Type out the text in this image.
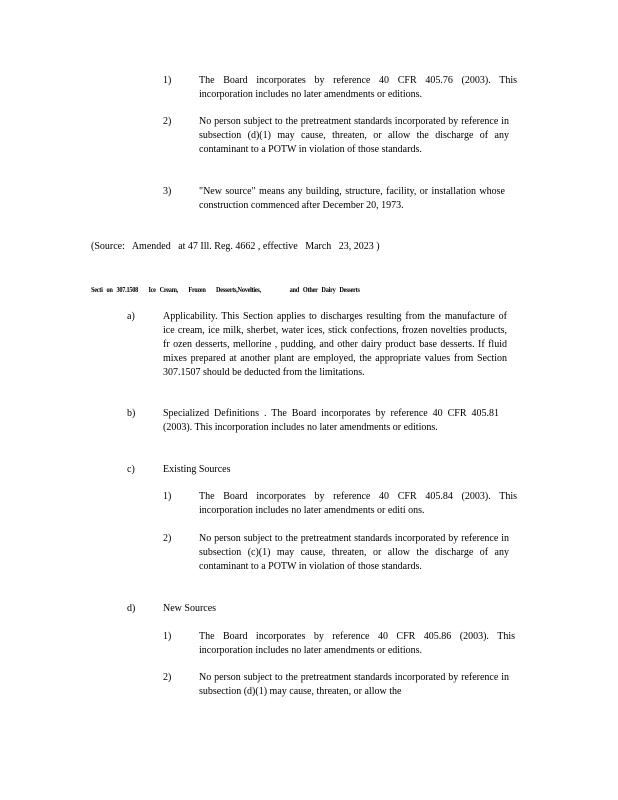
1)	The Board incorporates by reference 40 CFR 405.76 (2003). This incorporation includes no later amendments or editions.
2)	No person subject to the pretreatment standards incorporated by reference in subsection (d)(1) may cause, threaten, or allow the discharge of any contaminant to a POTW in violation of those standards.
3)	"New source" means any building, structure, facility, or installation whose construction commenced after December 20, 1973.
(Source:   Amended   at 47 Ill. Reg. 4662 , effective   March   23, 2023 )
Secti   on   307.1508        Ice   Cream,        Frozen        Desserts,Novelties,                      and   Other   Dairy   Desserts
a)	Applicability. This Section applies to discharges resulting from the manufacture of ice cream, ice milk, sherbet, water ices, stick confections, frozen novelties products, fr ozen desserts, mellorine , pudding, and other dairy product base desserts. If fluid mixes prepared at another plant are employed, the appropriate values from Section 307.1507 should be deducted from the limitations.
b)	Specialized Definitions . The Board incorporates by reference 40 CFR 405.81 (2003). This incorporation includes no later amendments or editions.
c)	Existing Sources
1)	The Board incorporates by reference 40 CFR 405.84 (2003). This incorporation includes no later amendments or editi ons.
2)	No person subject to the pretreatment standards incorporated by reference in subsection (c)(1) may cause, threaten, or allow the discharge of any contaminant to a POTW in violation of those standards.
d)	New Sources
1)	The Board incorporates by reference 40 CFR 405.86 (2003). This incorporation includes no later amendments or editions.
2)	No person subject to the pretreatment standards incorporated by reference in subsection (d)(1) may cause, threaten, or allow the
